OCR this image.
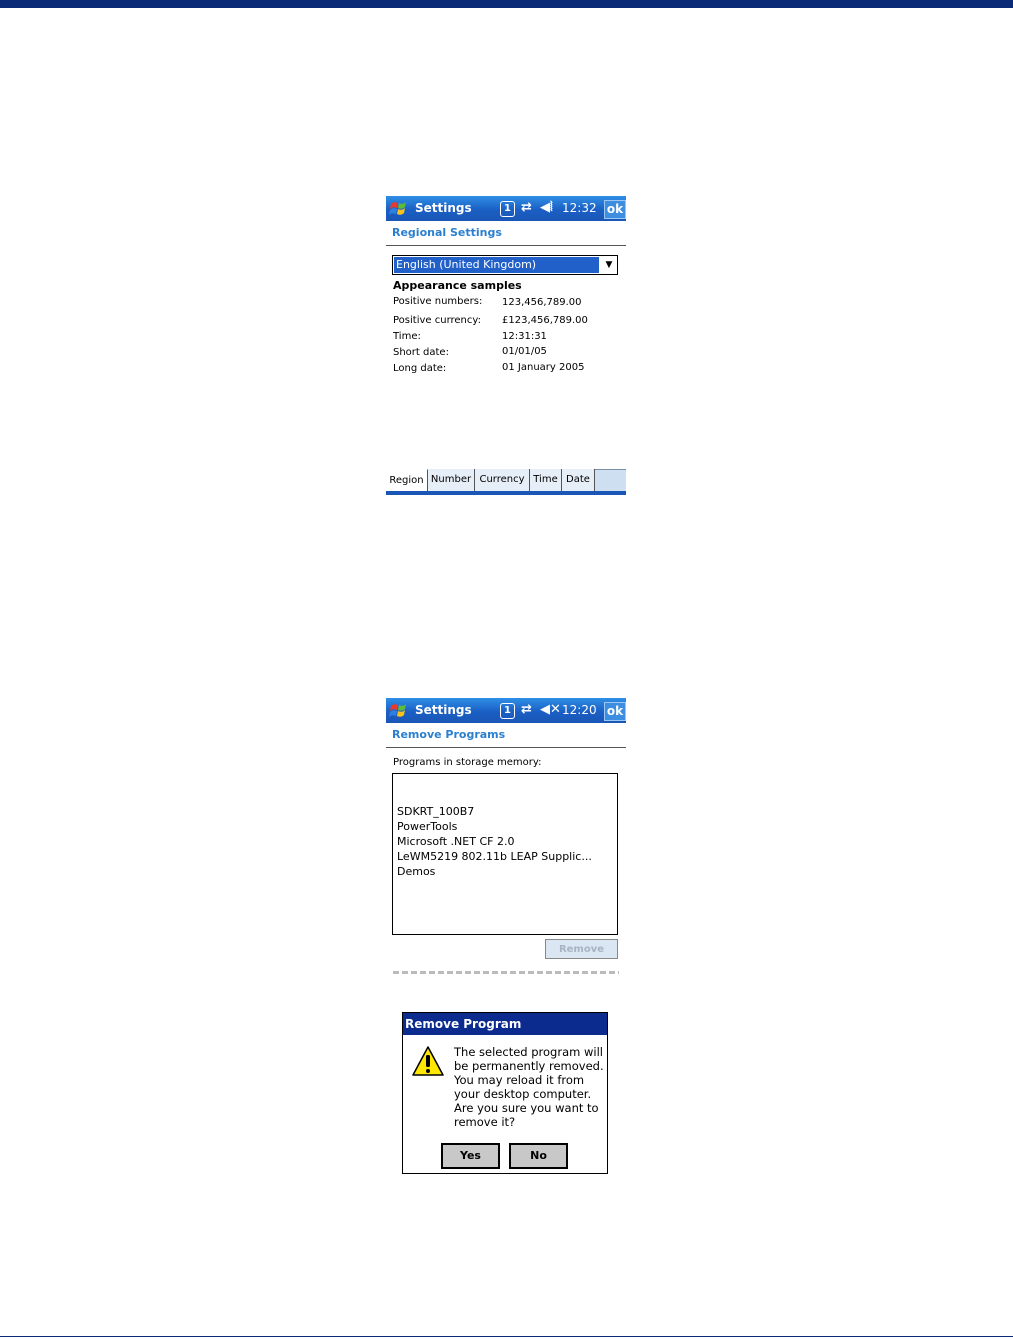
Settings	1 ⇄ ◀⦚ 12:32 ok
Regional Settings
English (United Kingdom)	▼
Appearance samples
Positive numbers: 123,456,789.00
Positive currency: £123,456,789.00
Time:	12:31:31
Short date:	01/01/05
Long date:	01 January 2005
Region Number Currency Time Date
Settings	1 ⇄ ◀✕ 12:20 ok
Remove Programs
Programs in storage memory:
SDKRT_100B7
PowerTools
Microsoft .NET CF 2.0
LeWM5219 802.11b LEAP Supplic...
Demos
Remove
Remove Program
The selected program will
be permanently removed.
You may reload it from
your desktop computer.
Are you sure you want to
remove it?
Yes	No
